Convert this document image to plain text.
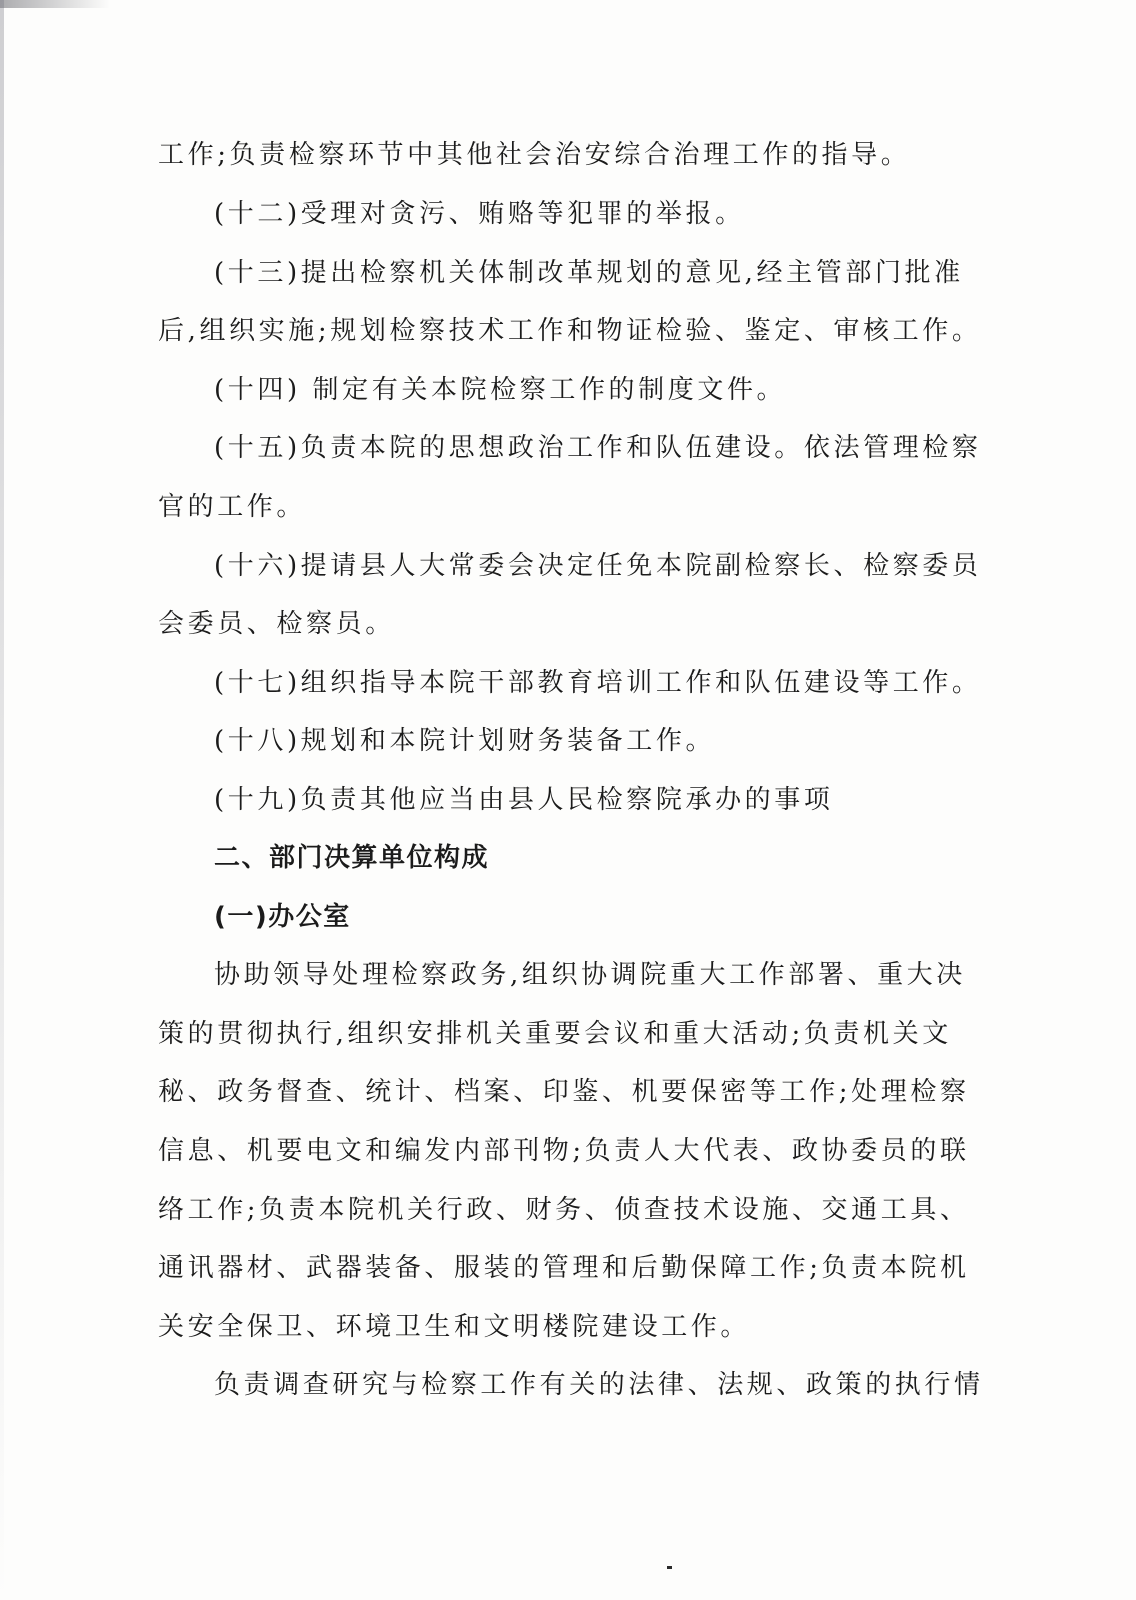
工作;负责检察环节中其他社会治安综合治理工作的指导。
(十二)受理对贪污、贿赂等犯罪的举报。
(十三)提出检察机关体制改革规划的意见,经主管部门批准
后,组织实施;规划检察技术工作和物证检验、鉴定、审核工作。
(十四) 制定有关本院检察工作的制度文件。
(十五)负责本院的思想政治工作和队伍建设。依法管理检察
官的工作。
(十六)提请县人大常委会决定任免本院副检察长、检察委员
会委员、检察员。
(十七)组织指导本院干部教育培训工作和队伍建设等工作。
(十八)规划和本院计划财务装备工作。
(十九)负责其他应当由县人民检察院承办的事项
二、部门决算单位构成
(一)办公室
协助领导处理检察政务,组织协调院重大工作部署、重大决
策的贯彻执行,组织安排机关重要会议和重大活动;负责机关文
秘、政务督查、统计、档案、印鉴、机要保密等工作;处理检察
信息、机要电文和编发内部刊物;负责人大代表、政协委员的联
络工作;负责本院机关行政、财务、侦查技术设施、交通工具、
通讯器材、武器装备、服装的管理和后勤保障工作;负责本院机
关安全保卫、环境卫生和文明楼院建设工作。
负责调查研究与检察工作有关的法律、法规、政策的执行情
